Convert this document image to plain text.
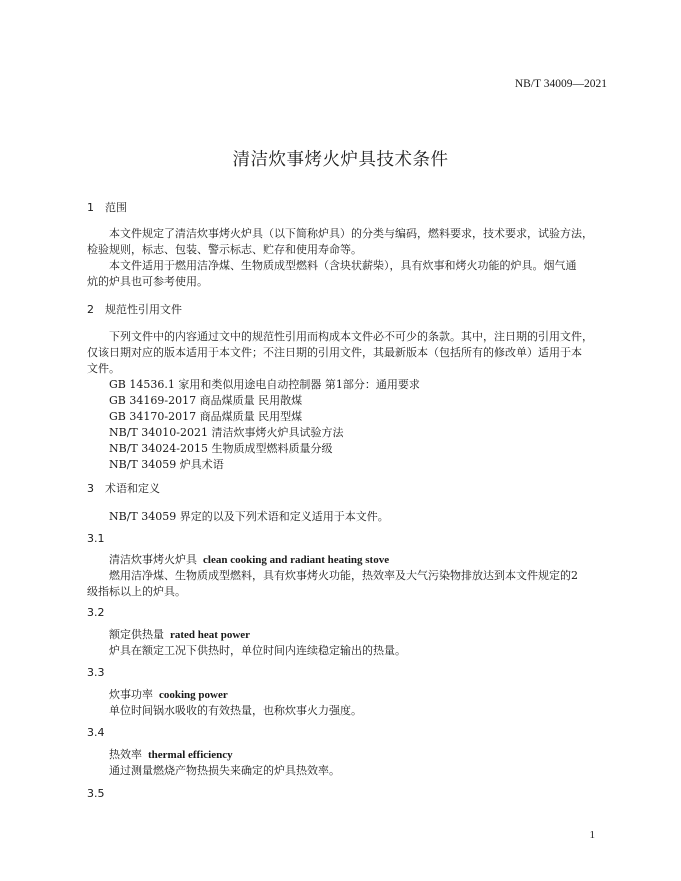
NB/T 34009—2021
清洁炊事烤火炉具技术条件
1 范围
本文件规定了清洁炊事烤火炉具（以下简称炉具）的分类与编码，燃料要求，技术要求，试验方法，
检验规则，标志、包装、警示标志、贮存和使用寿命等。
本文件适用于燃用洁净煤、生物质成型燃料（含块状薪柴），具有炊事和烤火功能的炉具。烟气通
炕的炉具也可参考使用。
2 规范性引用文件
下列文件中的内容通过文中的规范性引用而构成本文件必不可少的条款。其中，注日期的引用文件，
仅该日期对应的版本适用于本文件；不注日期的引用文件，其最新版本（包括所有的修改单）适用于本
文件。
GB 14536.1 家用和类似用途电自动控制器 第1部分：通用要求
GB 34169-2017 商品煤质量 民用散煤
GB 34170-2017 商品煤质量 民用型煤
NB/T 34010-2021 清洁炊事烤火炉具试验方法
NB/T 34024-2015 生物质成型燃料质量分级
NB/T 34059 炉具术语
3 术语和定义
NB/T 34059 界定的以及下列术语和定义适用于本文件。
3.1
清洁炊事烤火炉具 clean cooking and radiant heating stove
燃用洁净煤、生物质成型燃料，具有炊事烤火功能，热效率及大气污染物排放达到本文件规定的2
级指标以上的炉具。
3.2
额定供热量 rated heat power
炉具在额定工况下供热时，单位时间内连续稳定输出的热量。
3.3
炊事功率 cooking power
单位时间锅水吸收的有效热量，也称炊事火力强度。
3.4
热效率 thermal efficiency
通过测量燃烧产物热损失来确定的炉具热效率。
3.5
1
